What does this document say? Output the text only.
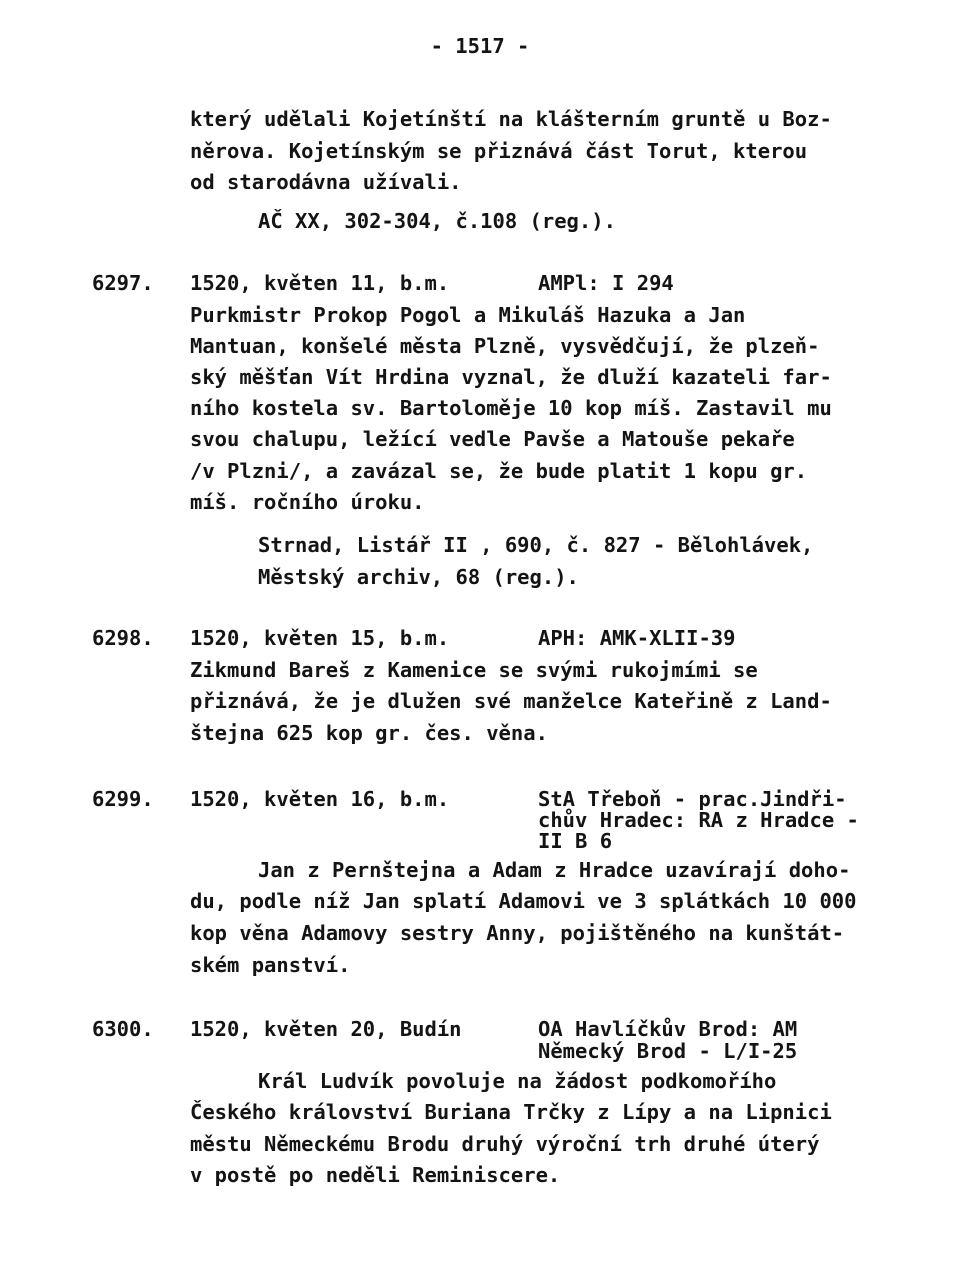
- 1517 -
který udělali Kojetínští na klášterním gruntě u Boz-
něrova. Kojetínským se přiznává část Torut, kterou
od starodávna užívali.
AČ XX, 302-304, č.108 (reg.).
6297. 1520, květen 11, b.m.	AMPl: I 294
Purkmistr Prokop Pogol a Mikuláš Hazuka a Jan
Mantuan, konšelé města Plzně, vysvědčují, že plzeň-
ský měšťan Vít Hrdina vyznal, že dluží kazateli far-
ního kostela sv. Bartoloměje 10 kop míš. Zastavil mu
svou chalupu, ležící vedle Pavše a Matouše pekaře
/v Plzni/, a zavázal se, že bude platit 1 kopu gr.
míš. ročního úroku.
Strnad, Listář II , 690, č. 827 - Bělohlávek,
Městský archiv, 68 (reg.).
6298. 1520, květen 15, b.m.	APH: AMK-XLII-39
Zikmund Bareš z Kamenice se svými rukojmími se
přiznává, že je dlužen své manželce Kateřině z Land-
štejna 625 kop gr. čes. věna.
6299. 1520, květen 16, b.m.	StA Třeboň - prac.Jindři-
chův Hradec: RA z Hradce -
II B 6
Jan z Pernštejna a Adam z Hradce uzavírají doho-
du, podle níž Jan splatí Adamovi ve 3 splátkách 10 000
kop věna Adamovy sestry Anny, pojištěného na kunštát-
ském panství.
6300. 1520, květen 20, Budín	OA Havlíčkův Brod: AM
Německý Brod - L/I-25
Král Ludvík povoluje na žádost podkomořího
Českého království Buriana Trčky z Lípy a na Lipnici
městu Německému Brodu druhý výroční trh druhé úterý
v postě po neděli Reminiscere.
